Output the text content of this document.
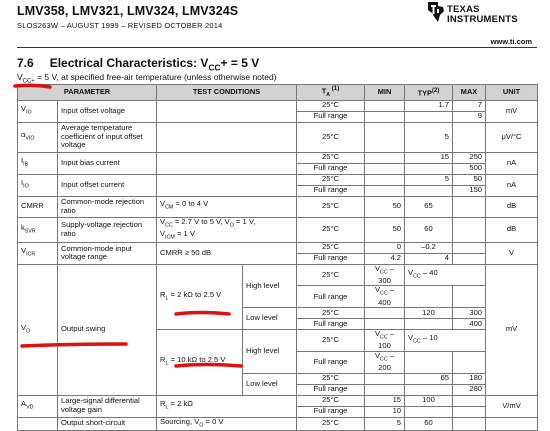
LMV358, LMV321, LMV324, LMV324S
SLOS263W – AUGUST 1999 – REVISED OCTOBER 2014
TEXAS
INSTRUMENTS
www.ti.com
7.6 Electrical Characteristics: $V_{CC}+ = 5$ V
$V_{CC+} = 5$ V, at specified free-air temperature (unless otherwise noted)
PARAMETER		TEST CONDITIONS		$T_A$ $^{(1)}$	MIN	TYP$^{(2)}$	MAX	UNIT
$V_{IO}$	Input offset voltage			25°C		1.7	7	mV
				Full range			9	
$\alpha_{VIO}$	Average temperature coefficient of input offset voltage			25°C		5		μV/°C
$I_{IB}$	Input bias current			25°C		15	250	nA
				Full range			500	
$I_{IO}$	Input offset current			25°C		5	50	nA
				Full range			150	
CMRR	Common-mode rejection ratio	$V_{CM} = 0$ to 4 V		25°C	50	65		dB
$k_{SVR}$	Supply-voltage rejection ratio	$V_{CC} = 2.7$ V to 5 V, $V_O = 1$ V,
$V_{ICM} = 1$ V		25°C	50	60		dB
$V_{ICR}$	Common-mode input voltage range	CMRR ≥ 50 dB		25°C	0	–0.2		V
				Full range	4.2	4		
$V_O$	Output swing	$R_L = 2$ kΩ to 2.5 V	High level	25°C	$V_{CC} - 300$	$V_{CC} - 40$		mV
				Full range	$V_{CC} - 400$			
			Low level	25°C		120	300	
				Full range			400	
		$R_L = 10$ kΩ to 2.5 V	High level	25°C	$V_{CC} - 100$	$V_{CC} - 10$		
				Full range	$V_{CC} - 200$			
			Low level	25°C		65	180	
				Full range			280	
$A_{VD}$	Large-signal differential voltage gain	$R_L = 2$ kΩ		25°C	15	100		V/mV
				Full range	10			
	Output short-circuit	Sourcing, $V_O = 0$ V		25°C	5	60		
